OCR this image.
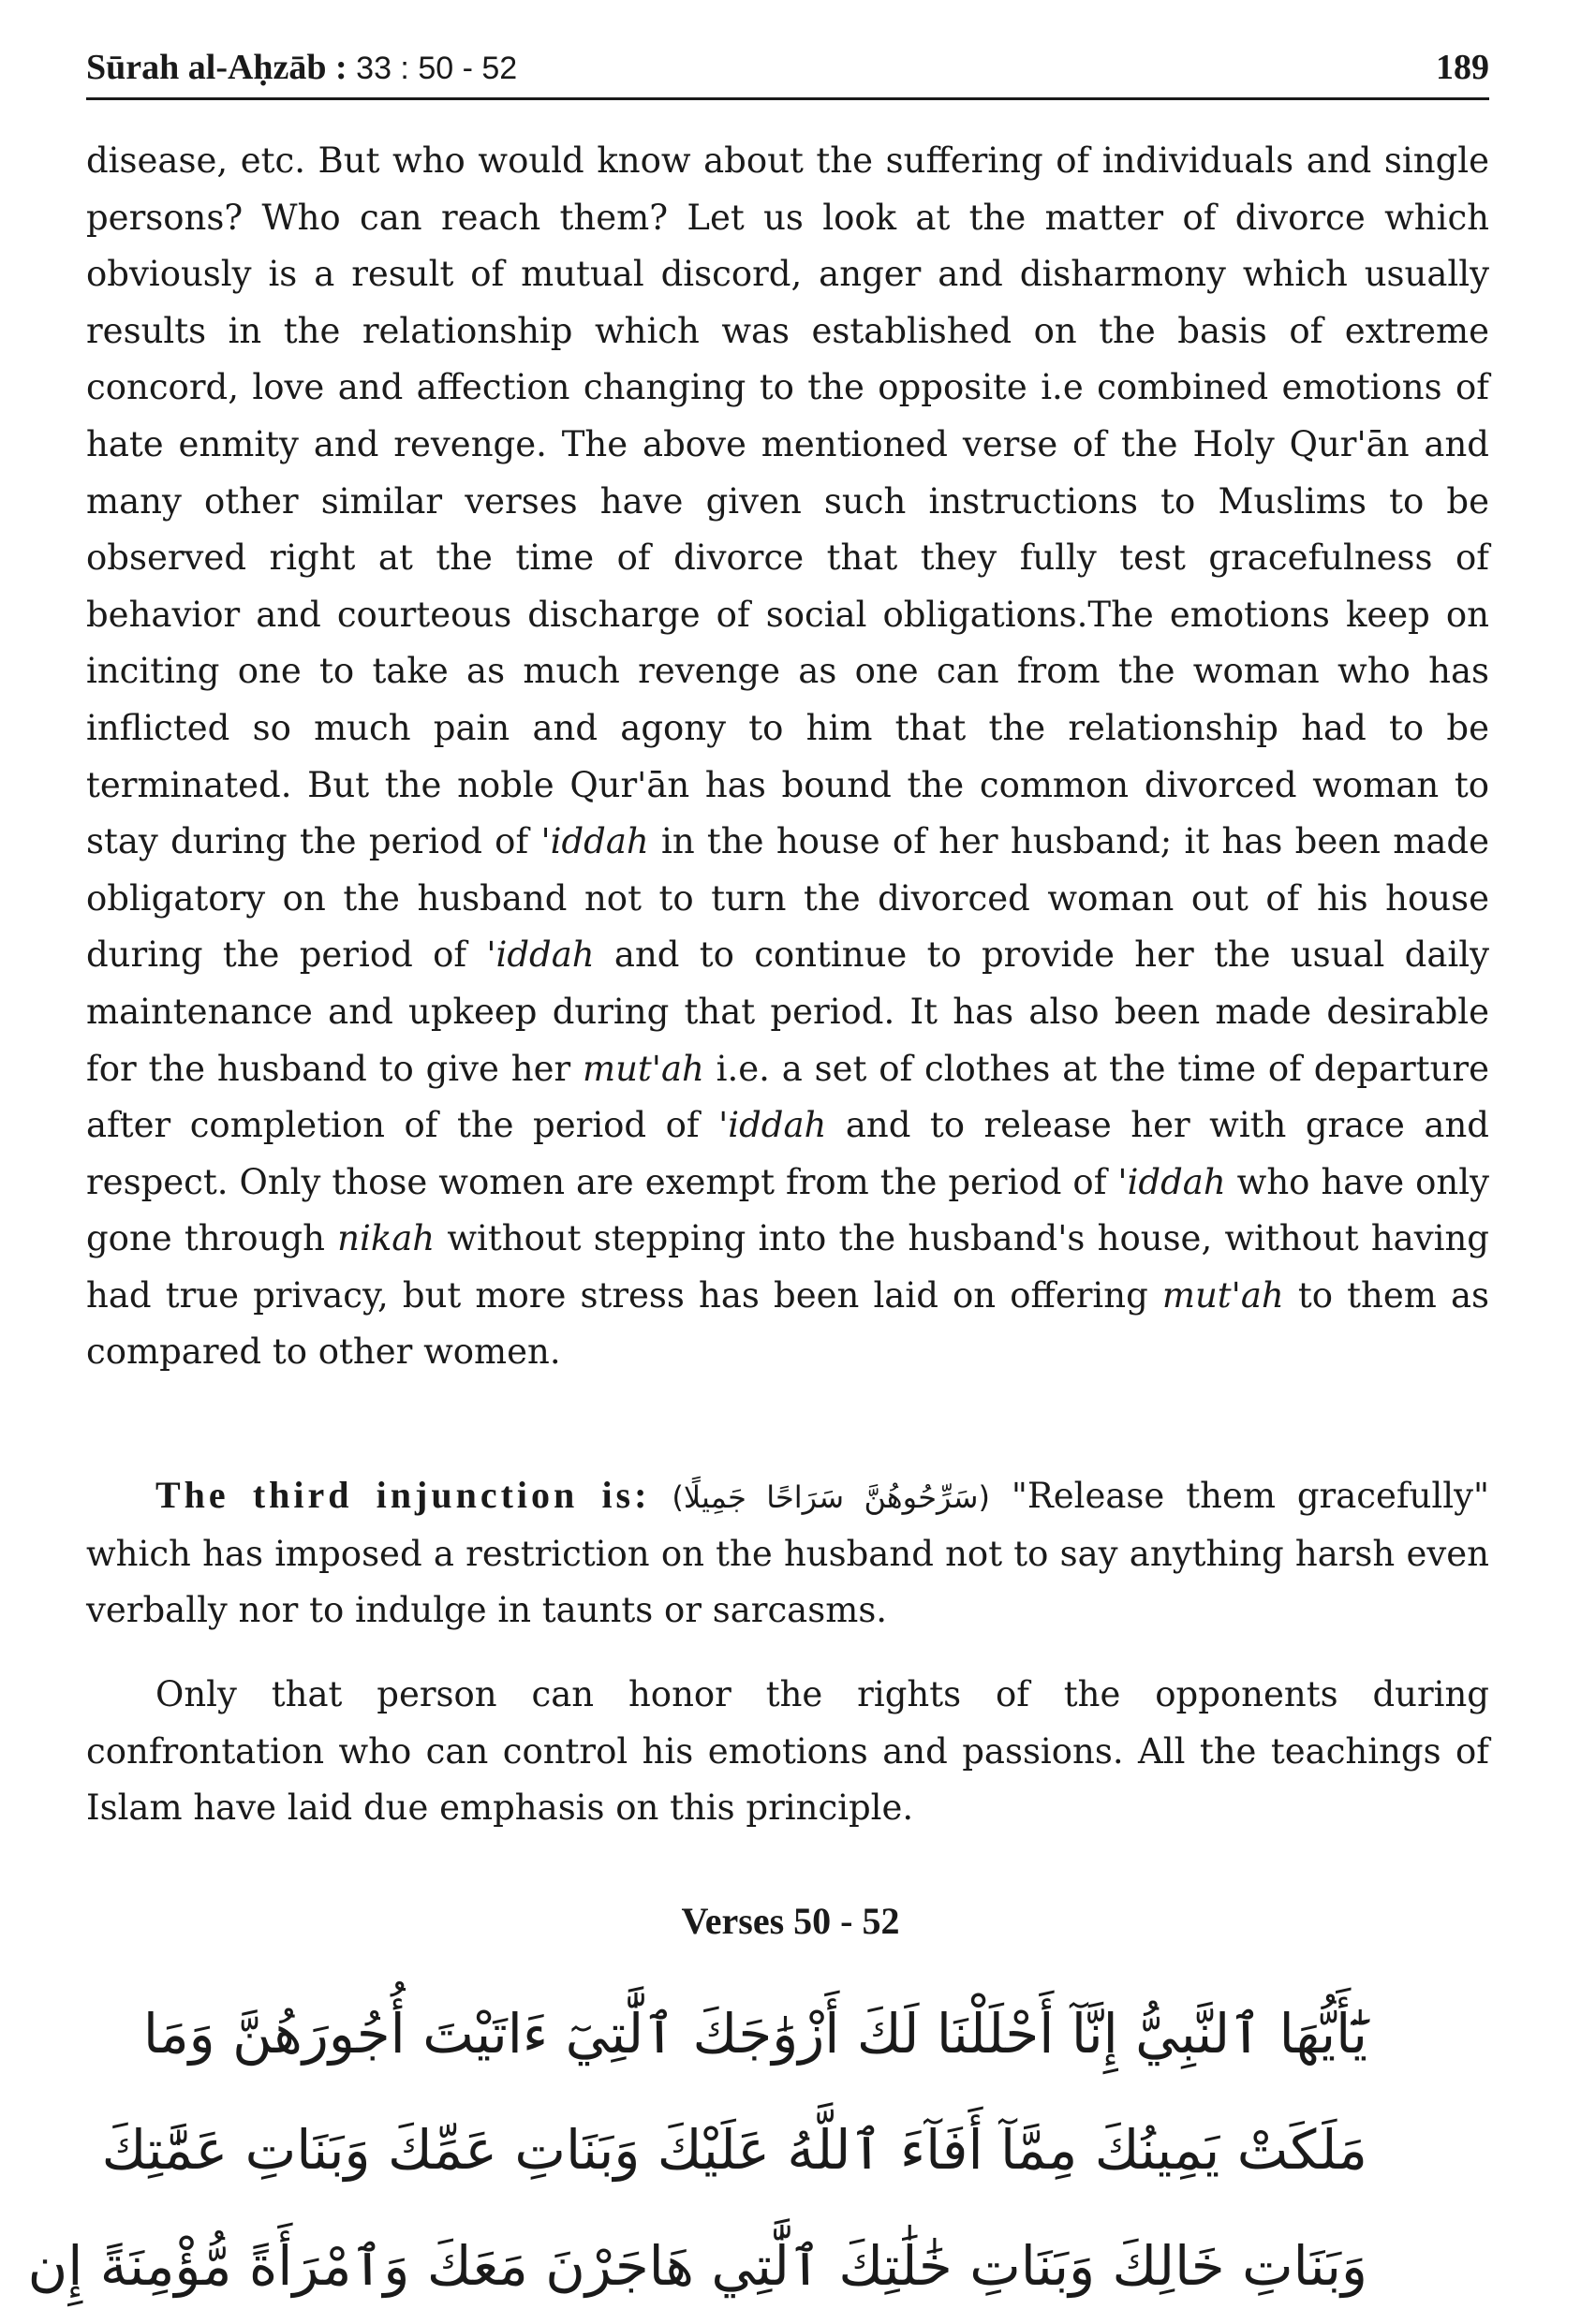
Sūrah al-Aḥzāb : 33 : 50 - 52	189

disease, etc. But who would know about the suffering of individuals and single persons? Who can reach them? Let us look at the matter of divorce which obviously is a result of mutual discord, anger and disharmony which usually results in the relationship which was established on the basis of extreme concord, love and affection changing to the opposite i.e combined emotions of hate enmity and revenge. The above mentioned verse of the Holy Qur'ān and many other similar verses have given such instructions to Muslims to be observed right at the time of divorce that they fully test gracefulness of behavior and courteous discharge of social obligations.The emotions keep on inciting one to take as much revenge as one can from the woman who has inflicted so much pain and agony to him that the relationship had to be terminated. But the noble Qur'ān has bound the common divorced woman to stay during the period of 'iddah in the house of her husband; it has been made obligatory on the husband not to turn the divorced woman out of his house during the period of 'iddah and to continue to provide her the usual daily maintenance and upkeep during that period. It has also been made desirable for the husband to give her mut'ah i.e. a set of clothes at the time of departure after completion of the period of 'iddah and to release her with grace and respect. Only those women are exempt from the period of 'iddah who have only gone through nikah without stepping into the husband's house, without having had true privacy, but more stress has been laid on offering mut'ah to them as compared to other women.

The third injunction is: (سَرِّحُوهُنَّ سَرَاحًا جَمِيلًا) "Release them gracefully" which has imposed a restriction on the husband not to say anything harsh even verbally nor to indulge in taunts or sarcasms.

Only that person can honor the rights of the opponents during confrontation who can control his emotions and passions. All the teachings of Islam have laid due emphasis on this principle.

Verses 50 - 52
يَٰٓأَيُّهَا ٱلنَّبِيُّ إِنَّآ أَحْلَلْنَا لَكَ أَزْوَٰجَكَ ٱلَّٰتِيٓ ءَاتَيْتَ أُجُورَهُنَّ وَمَا
مَلَكَتْ يَمِينُكَ مِمَّآ أَفَآءَ ٱللَّهُ عَلَيْكَ وَبَنَاتِ عَمِّكَ وَبَنَاتِ عَمَّٰتِكَ
وَبَنَاتِ خَالِكَ وَبَنَاتِ خَٰلَٰتِكَ ٱلَّٰتِي هَاجَرْنَ مَعَكَ وَٱمْرَأَةً مُّؤْمِنَةً إِن
